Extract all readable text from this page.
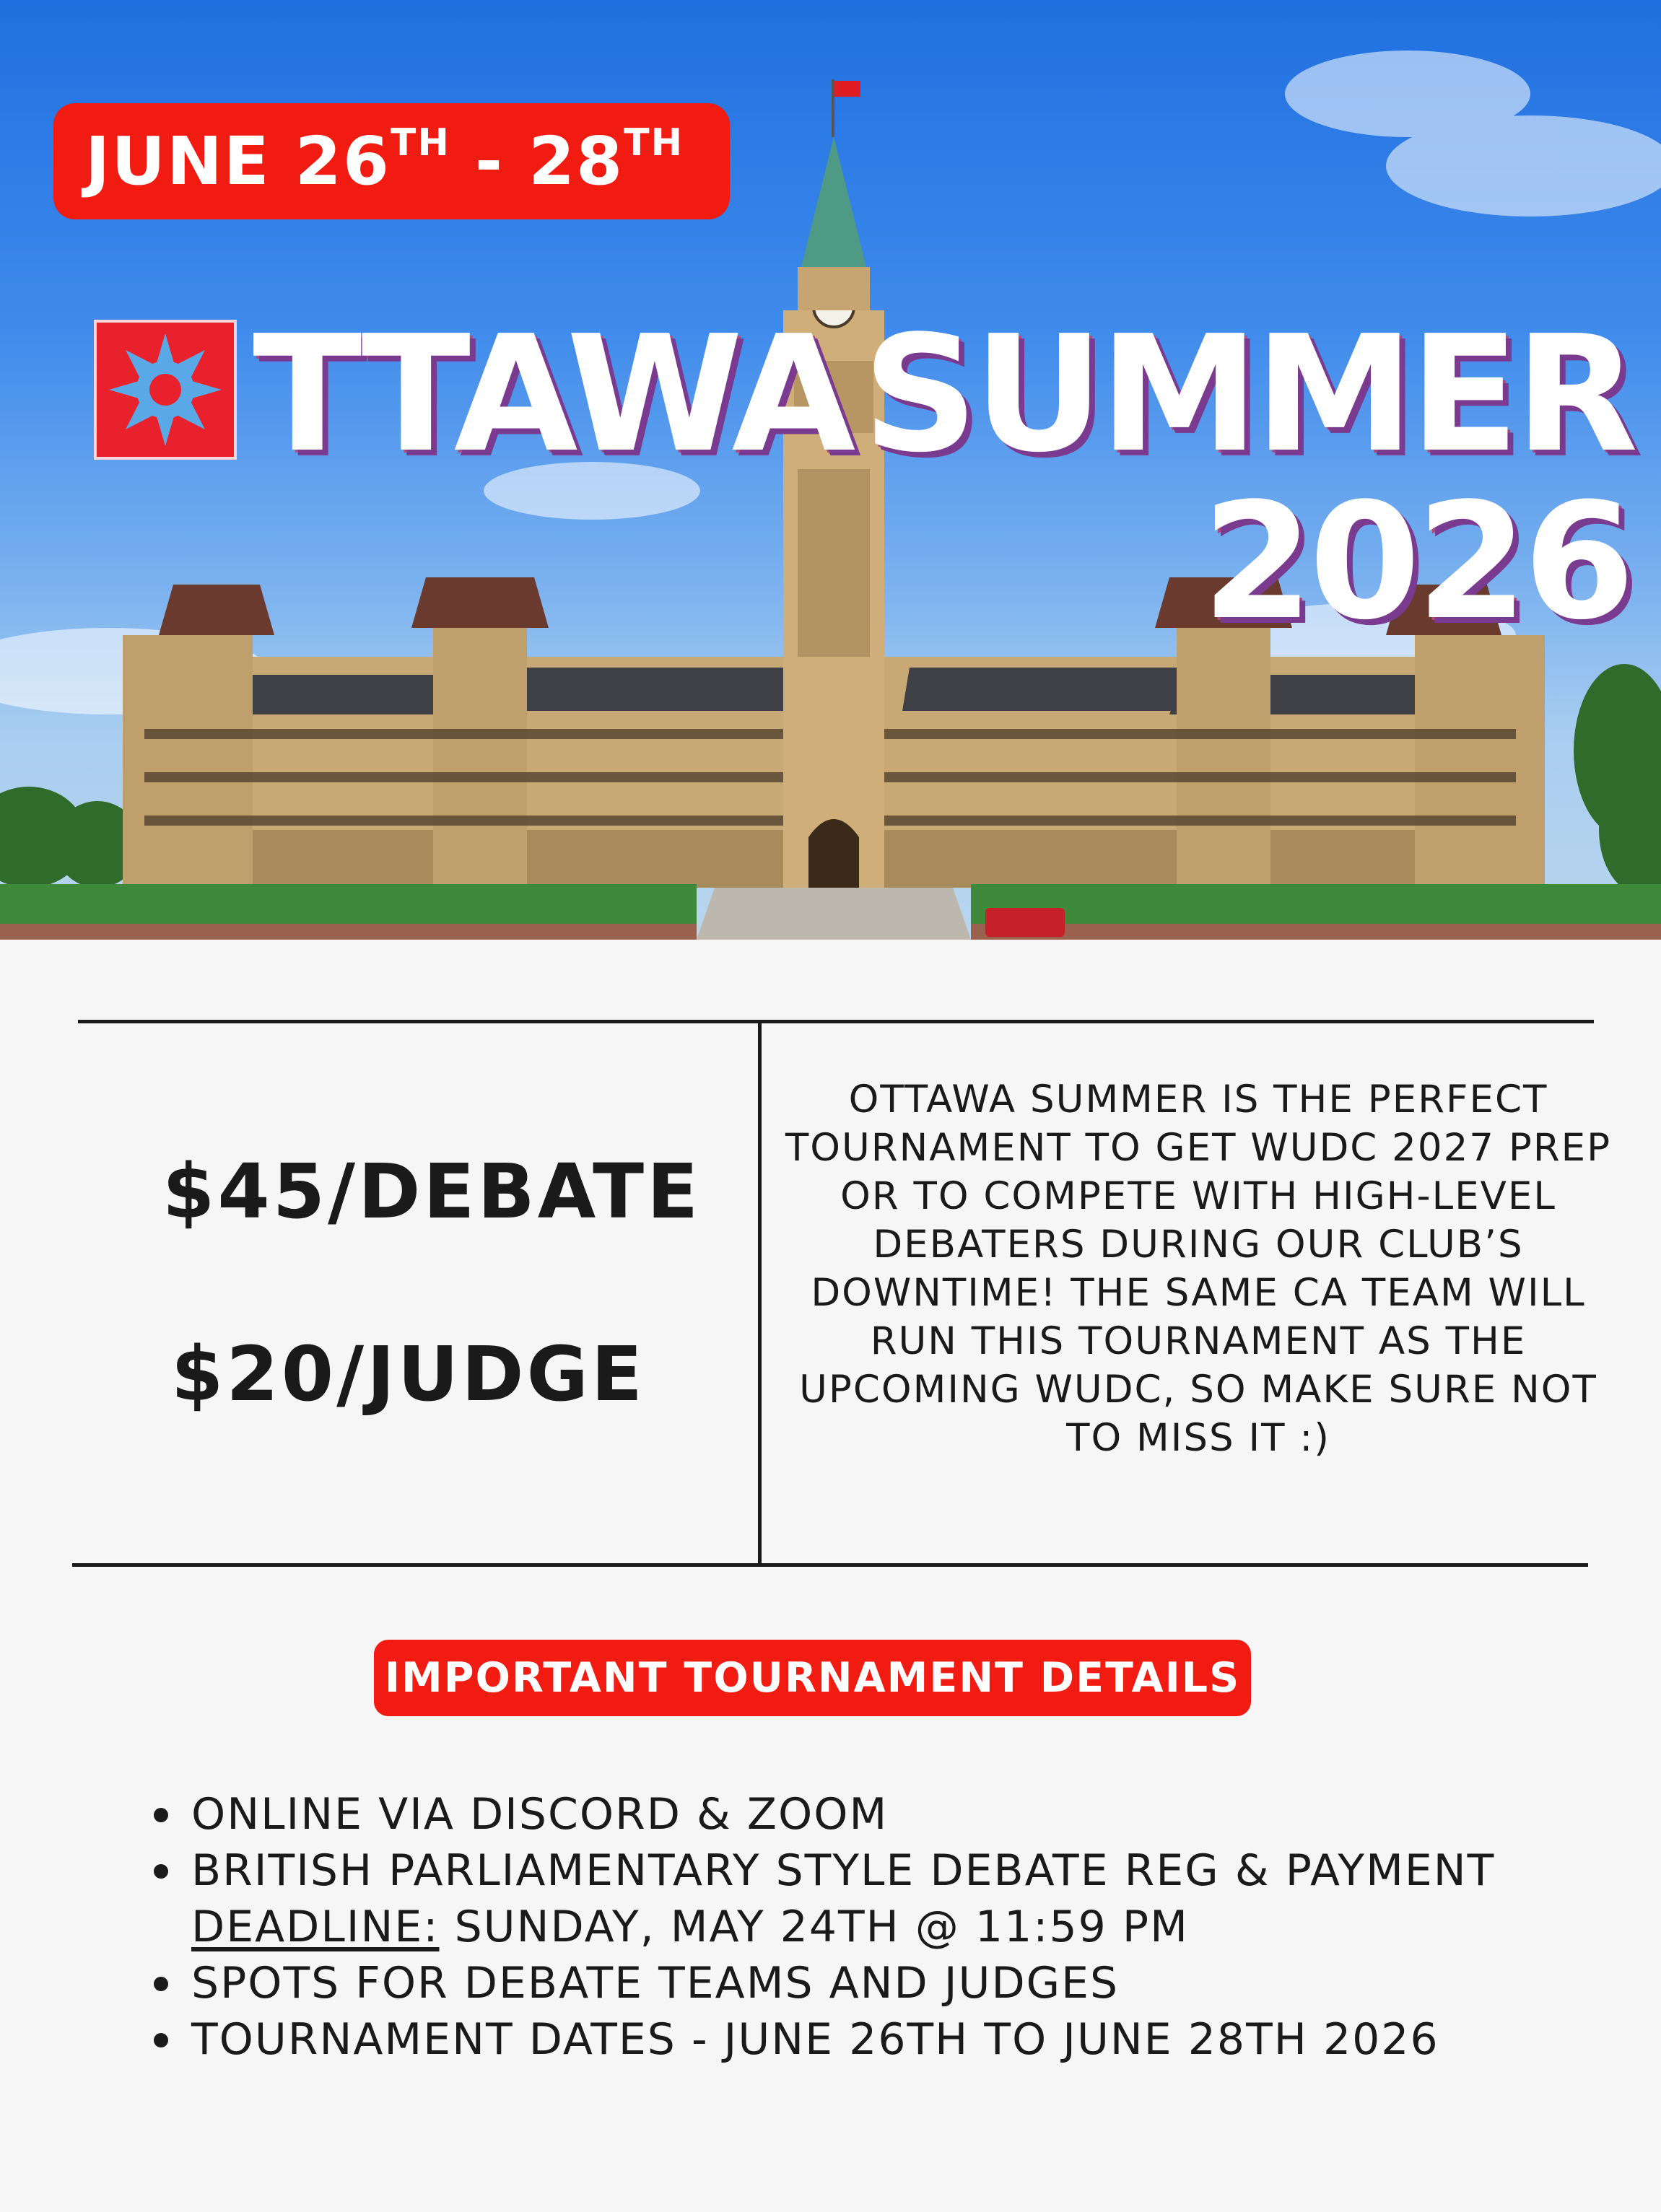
JUNE 26TH - 28TH
TTAWA SUMMER
2026
$45/DEBATE
$20/JUDGE
OTTAWA SUMMER IS THE PERFECT TOURNAMENT TO GET WUDC 2027 PREP OR TO COMPETE WITH HIGH-LEVEL DEBATERS DURING OUR CLUB’S DOWNTIME! THE SAME CA TEAM WILL RUN THIS TOURNAMENT AS THE UPCOMING WUDC, SO MAKE SURE NOT TO MISS IT :)
IMPORTANT TOURNAMENT DETAILS
ONLINE VIA DISCORD & ZOOM
BRITISH PARLIAMENTARY STYLE DEBATE REG & PAYMENT
DEADLINE: SUNDAY, MAY 24TH @ 11:59 PM
SPOTS FOR DEBATE TEAMS AND JUDGES
TOURNAMENT DATES - JUNE 26TH TO JUNE 28TH 2026
